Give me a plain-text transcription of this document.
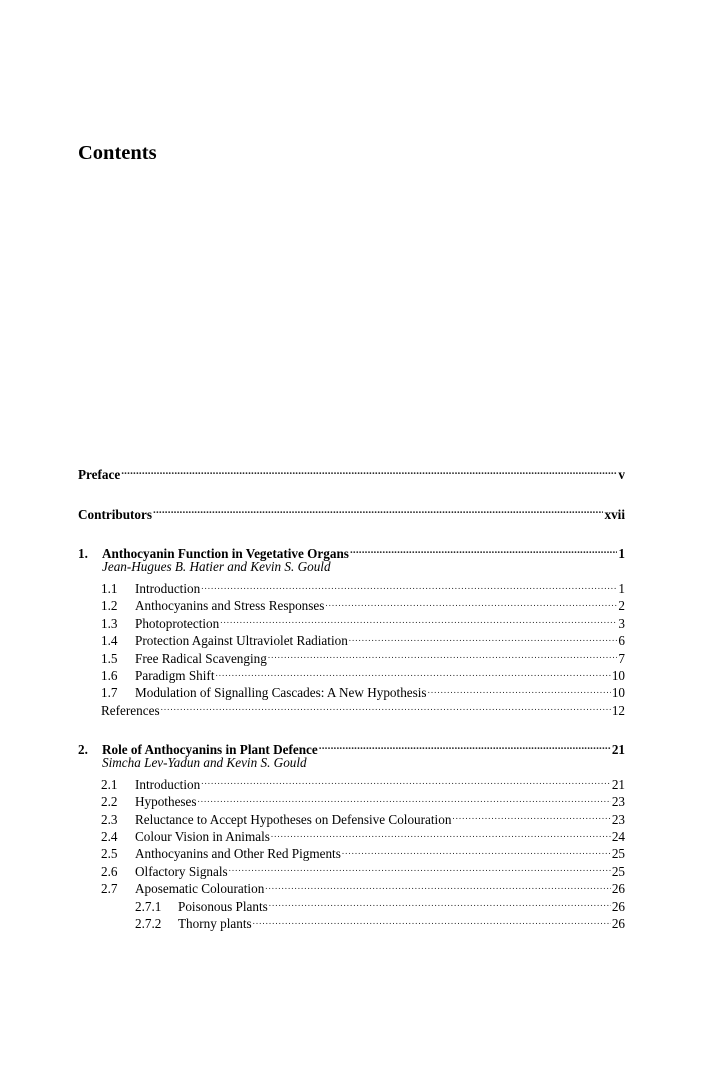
Contents
Preface .....	v
Contributors .....	xvii
1.	Anthocyanin Function in Vegetative Organs .....	1
Jean-Hugues B. Hatier and Kevin S. Gould
1.1	Introduction .....	1
1.2	Anthocyanins and Stress Responses .....	2
1.3	Photoprotection .....	3
1.4	Protection Against Ultraviolet Radiation .....	6
1.5	Free Radical Scavenging .....	7
1.6	Paradigm Shift .....	10
1.7	Modulation of Signalling Cascades: A New Hypothesis .....	10
References .....	12
2.	Role of Anthocyanins in Plant Defence .....	21
Simcha Lev-Yadun and Kevin S. Gould
2.1	Introduction .....	21
2.2	Hypotheses .....	23
2.3	Reluctance to Accept Hypotheses on Defensive Colouration .....	23
2.4	Colour Vision in Animals .....	24
2.5	Anthocyanins and Other Red Pigments .....	25
2.6	Olfactory Signals .....	25
2.7	Aposematic Colouration .....	26
2.7.1	Poisonous Plants .....	26
2.7.2	Thorny plants .....	26
